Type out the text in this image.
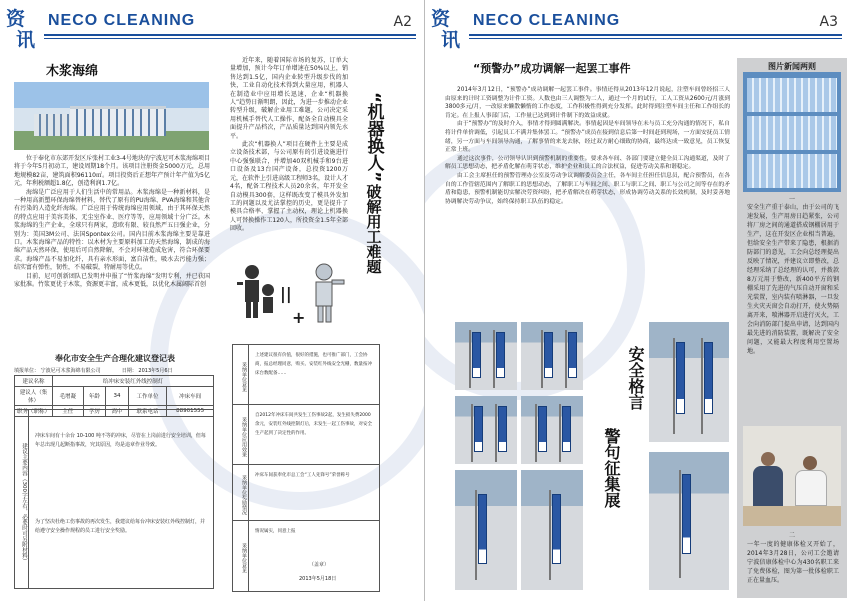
资
讯
NECO CLEANING	A2
木浆海绵

位于奉化市东郊开发区斥张村工业3-4号地块的宁波尼可木浆海绵项目将于今年5月初动工，建设周期18个月。该项目注册资金5000万元，总用地规模82亩，建筑面积96110㎡。项目投资后正想年产预计年产值为5亿元，年利税额超1.8亿，创造利润1.7亿。

海绵是广泛应用于人们生活中的常用品。木浆海绵是一种新材料，是一种用高新塑环保海绵替材料，替代了原有的PU海绵、PVA海绵和其他含有污染的人造化纤海绵。广泛应用于传统海绵应用领域，由于其环保天然的特点应用于美容美体、无尘室作业、医疗等等，应用领域十分广泛。木浆海绵的生产企业，全球只有两家，意欧有限、较良然严五日强企业，分别为：美国3M公司、法国Spontex公司。国内目前木浆海绵主要是靠进口。木浆海绵产品的特性：以木材为主要原料加工的天然海绵，制成的海绵产品天然环保，使用后可自然降解，不会对环境造成危害，符合环保要求。海绵产品不易加化纤，具有亲水形面，富自洁性，吸水去污能力强；结实富有弹性，韧性，不易破裂，特耐用等优点。

目前，尼可创新团队已发明并申报了“竹浆海绵”发明专利，并已获国家批准。竹浆更优于木浆，资源更丰富，成本更低，以优化木属阔际首创

近年来，随着国际市场的复苏，订单大量增加，预计今年订单增速在50%以上，销售达到1.5亿，国内企业转型升级步伐的加快，工业自动化技术得到大量应用，机器人在制造业中应用增长迅速，企业“机器换人”趋势日渐明朗，因此，为进一步推动企业转型升级，破解企业用工难题，公司决定采用机械手替代人工操作，配备全自动模具全面提升产品档次，产品质量达到国内领先水平。

此次“机器换人”项目在硬件上主要是成立设备技术部，与公司原有的引进设施进行中心强强联合，并增加40双机械手和9台进口设备及13台国产设备，总投资1200万元，在软件上引进高级工程师3名，设计人才4名，配备工程技术人员20余名，年开发全自动模具300套，这样既改变了模具外发加工的问题以及尤法掌控的历史，更是提升了模具合格率，掌握了主动权，理论上机器换人可替换操作工120人，所投资金1.5年全部回收。

“机器换人”
破解用工难题
||
+
奉化市安全生产合理化建议登记表
填报单位： 宁波尼可木浆海绵有限公司	日期： 2013年5月6日
建议名称	给冲床安装红外线控制灯				
建议人（集体）	毛增凝	年龄	34	工作单位	冲床车间
职务（职称）	主任	学历	高中	联系电话	88901555
建议主要内容（300字左右，必要时可另附材料）
冲床车间有十余台 10-100 吨不等的冲床，尽管在上岗前进行安全培训，但每年总出现几起断指事故，究其原因，均是违章作业导致。
为了坚决杜绝工伤事故的再次发生，我建议给每台冲床安装红外线控制灯，并给遵守安全操作规程的员工进行安全奖励。
采纳单位意见
上述建议很有价值，很好的措施，也可推广部门，工会协商，报总经理同意，购买、安装红外线安全光栅，数量按冲床台数配备……
采纳单位应用效果
自2012年冲床车间共发生工伤事故2起，发生损失费2000余元，安装红外线控制灯后，未发生一起工伤事故，对安全生产起到了决定性的作用。
采纳单位奖励情况	冲床车间获奉化市总工会“工人先锋号”荣誉称号
采纳单位意见
情况属实，同意上报
（盖章）
2013年5月18日
资
讯
NECO CLEANING	A3
“预警办”成功调解一起罢工事件

2014年3月12日，“预警办”成功调解一起罢工事件。事情还得从2013年12月说起，注塑车间曾经招三人由原来的计时工资调整为计件工资。人数也由三人调整为二人，通过一个月的试行，工人工资从2600元/月涨到3800多元/月，一改原来懒散懒惰的工作态度，工作积极性得到充分发挥。此时得到注塑车间主任和工作组长的肯定。在上报人事部门后，工作量已达到到计件制下的效益成就。

由于“预警办”的及时介入，事情才得到圆满解决。事情起因是车间领导在未与员工充分沟通的情况下，私自将计件单价调低，引起员工不满并集体罢工。“预警办”成员在接到信息后第一时间赶到现场，一方面安抚员工情绪，另一方面与车间领导沟通，了解事情的来龙去脉，经过双方耐心细致的协商，最终达成一致意见，员工恢复正常上班。

通过这次事件，公司领导认识到预警机制的重要性。要求各车间、各部门要建立健全员工沟通渠道，及时了解员工思想动态，把矛盾化解在萌芽状态，维护企业和员工的合法权益，促进劳动关系和谐稳定。

由工会主席担任的预警管理办公室及劳动争议调解委员会主任，各车间主任担任信息员，配合预警员，在各自的工作管辖范围内了解职工的思想动态，了解职工与车间之间、职工与职工之间、职工与公司之间等存在的矛盾和隐患，预警机制能切实解决劳资纠纷，把矛盾解决在萌芽状态，形成协调劳动关系的长效机制，及时妥善地协调解决劳动争议，始终保持职工队伍的稳定。

安全格言
警句征集展
图片新闻两则
一
安全生产重于泰山，由于公司的飞速发展，生产用房日趋紧张，公司将厂房之间的通道搭成钢棚居用于生产，这在开发区企业相当普遍，但给安全生产带来了隐患，根据消防部门的意见，工会向总经理提出反映了情况，并建议立即整改，总经理采纳了总经理的认可，并拨款8万元用于整改，新400平方的钢棚采用了先进的气压自动开窗和采光装置，室内装有喷淋器，一旦发生火灾天窗会自动打开，使火势隔离开来，喷淋器开启进行灭火，工会向消防部门提出申请，达到国内最先进的消防装置，既解决了安全问题，又能最大程度利用空置场地。
二
一年一度的健康体检又开始了，2014年3月28日，公司工会邀请宁波信康体检中心为430名职工来了免费体检，图为第一批体检职工正在量血压。
